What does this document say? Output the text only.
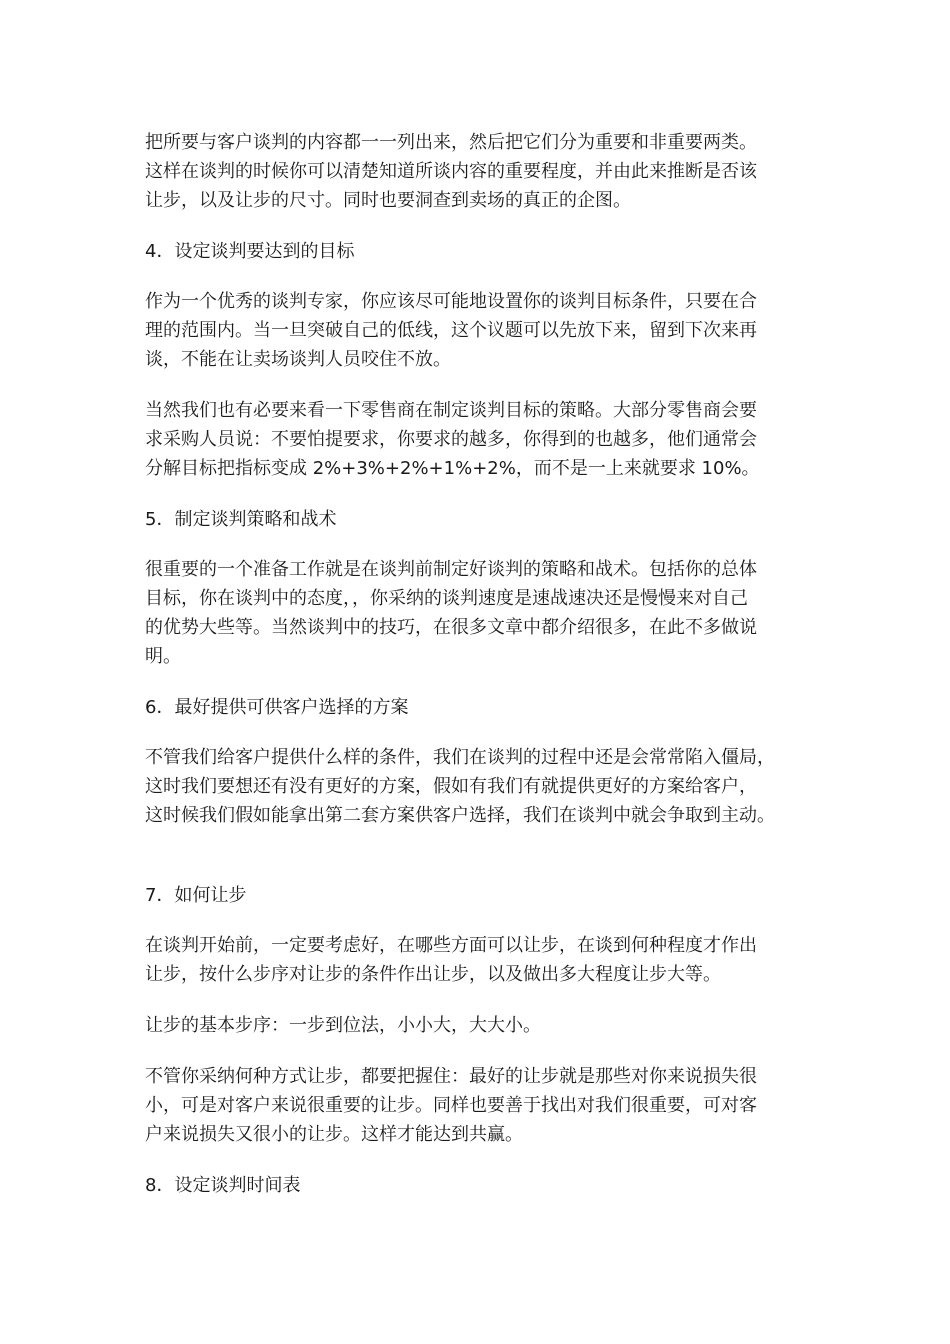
把所要与客户谈判的内容都一一列出来，然后把它们分为重要和非重要两类。
这样在谈判的时候你可以清楚知道所谈内容的重要程度，并由此来推断是否该
让步，以及让步的尺寸。同时也要洞查到卖场的真正的企图。

4．设定谈判要达到的目标

作为一个优秀的谈判专家，你应该尽可能地设置你的谈判目标条件，只要在合
理的范围内。当一旦突破自己的低线，这个议题可以先放下来，留到下次来再
谈，不能在让卖场谈判人员咬住不放。

当然我们也有必要来看一下零售商在制定谈判目标的策略。大部分零售商会要
求采购人员说：不要怕提要求，你要求的越多，你得到的也越多，他们通常会
分解目标把指标变成 2%+3%+2%+1%+2%，而不是一上来就要求 10%。

5．制定谈判策略和战术

很重要的一个准备工作就是在谈判前制定好谈判的策略和战术。包括你的总体
目标，你在谈判中的态度，，你采纳的谈判速度是速战速决还是慢慢来对自己
的优势大些等。当然谈判中的技巧，在很多文章中都介绍很多，在此不多做说
明。

6．最好提供可供客户选择的方案

不管我们给客户提供什么样的条件，我们在谈判的过程中还是会常常陷入僵局，
这时我们要想还有没有更好的方案，假如有我们有就提供更好的方案给客户，
这时候我们假如能拿出第二套方案供客户选择，我们在谈判中就会争取到主动。

7．如何让步

在谈判开始前，一定要考虑好，在哪些方面可以让步，在谈到何种程度才作出
让步，按什么步序对让步的条件作出让步，以及做出多大程度让步大等。

让步的基本步序：一步到位法，小小大，大大小。

不管你采纳何种方式让步，都要把握住：最好的让步就是那些对你来说损失很
小，可是对客户来说很重要的让步。同样也要善于找出对我们很重要，可对客
户来说损失又很小的让步。这样才能达到共赢。

8．设定谈判时间表
